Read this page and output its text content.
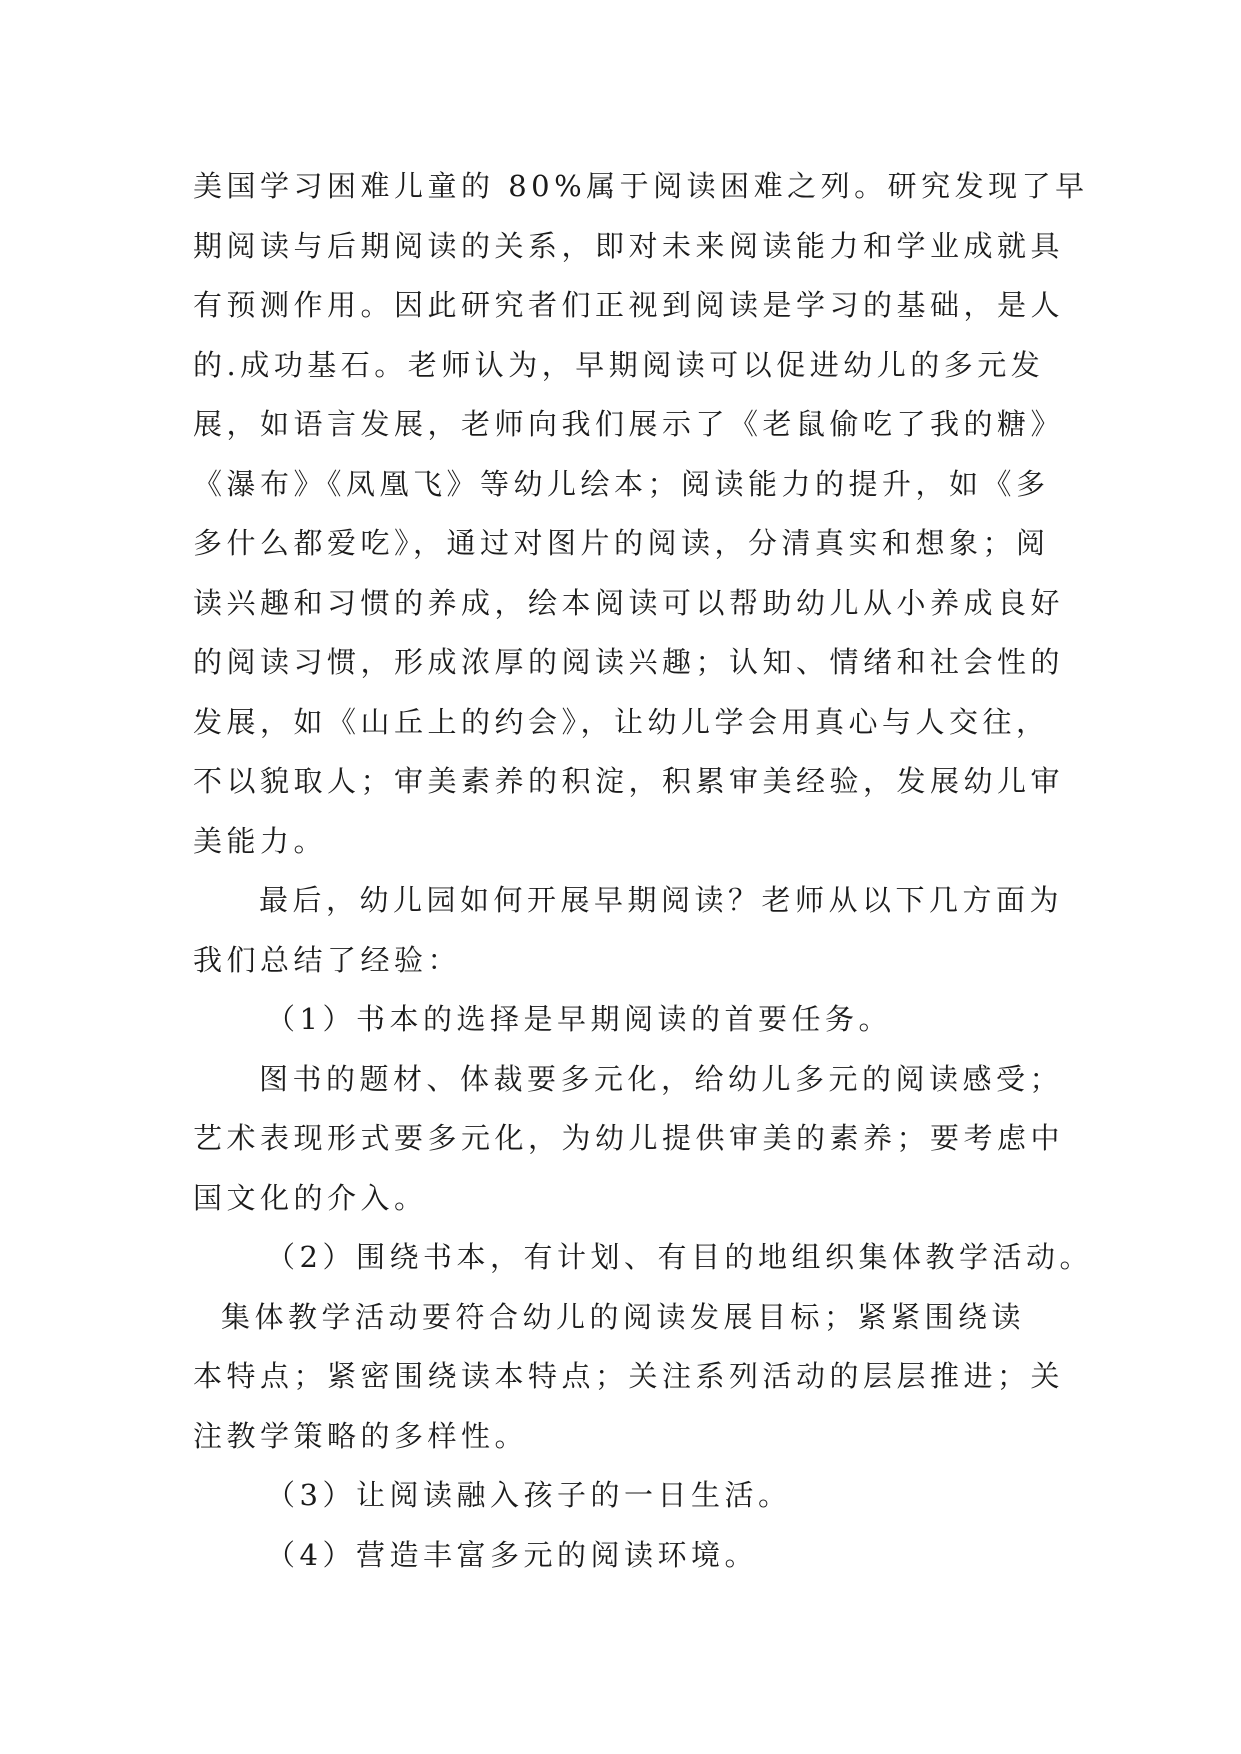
美国学习困难儿童的 80%属于阅读困难之列。研究发现了早
期阅读与后期阅读的关系，即对未来阅读能力和学业成就具
有预测作用。因此研究者们正视到阅读是学习的基础，是人
的.成功基石。老师认为，早期阅读可以促进幼儿的多元发
展，如语言发展，老师向我们展示了《老鼠偷吃了我的糖》
《瀑布》《凤凰飞》等幼儿绘本；阅读能力的提升，如《多
多什么都爱吃》，通过对图片的阅读，分清真实和想象；阅
读兴趣和习惯的养成，绘本阅读可以帮助幼儿从小养成良好
的阅读习惯，形成浓厚的阅读兴趣；认知、情绪和社会性的
发展，如《山丘上的约会》，让幼儿学会用真心与人交往，
不以貌取人；审美素养的积淀，积累审美经验，发展幼儿审
美能力。
最后，幼儿园如何开展早期阅读？老师从以下几方面为
我们总结了经验：
（1）书本的选择是早期阅读的首要任务。
图书的题材、体裁要多元化，给幼儿多元的阅读感受；
艺术表现形式要多元化，为幼儿提供审美的素养；要考虑中
国文化的介入。
（2）围绕书本，有计划、有目的地组织集体教学活动。
集体教学活动要符合幼儿的阅读发展目标；紧紧围绕读
本特点；紧密围绕读本特点；关注系列活动的层层推进；关
注教学策略的多样性。
（3）让阅读融入孩子的一日生活。
（4）营造丰富多元的阅读环境。
